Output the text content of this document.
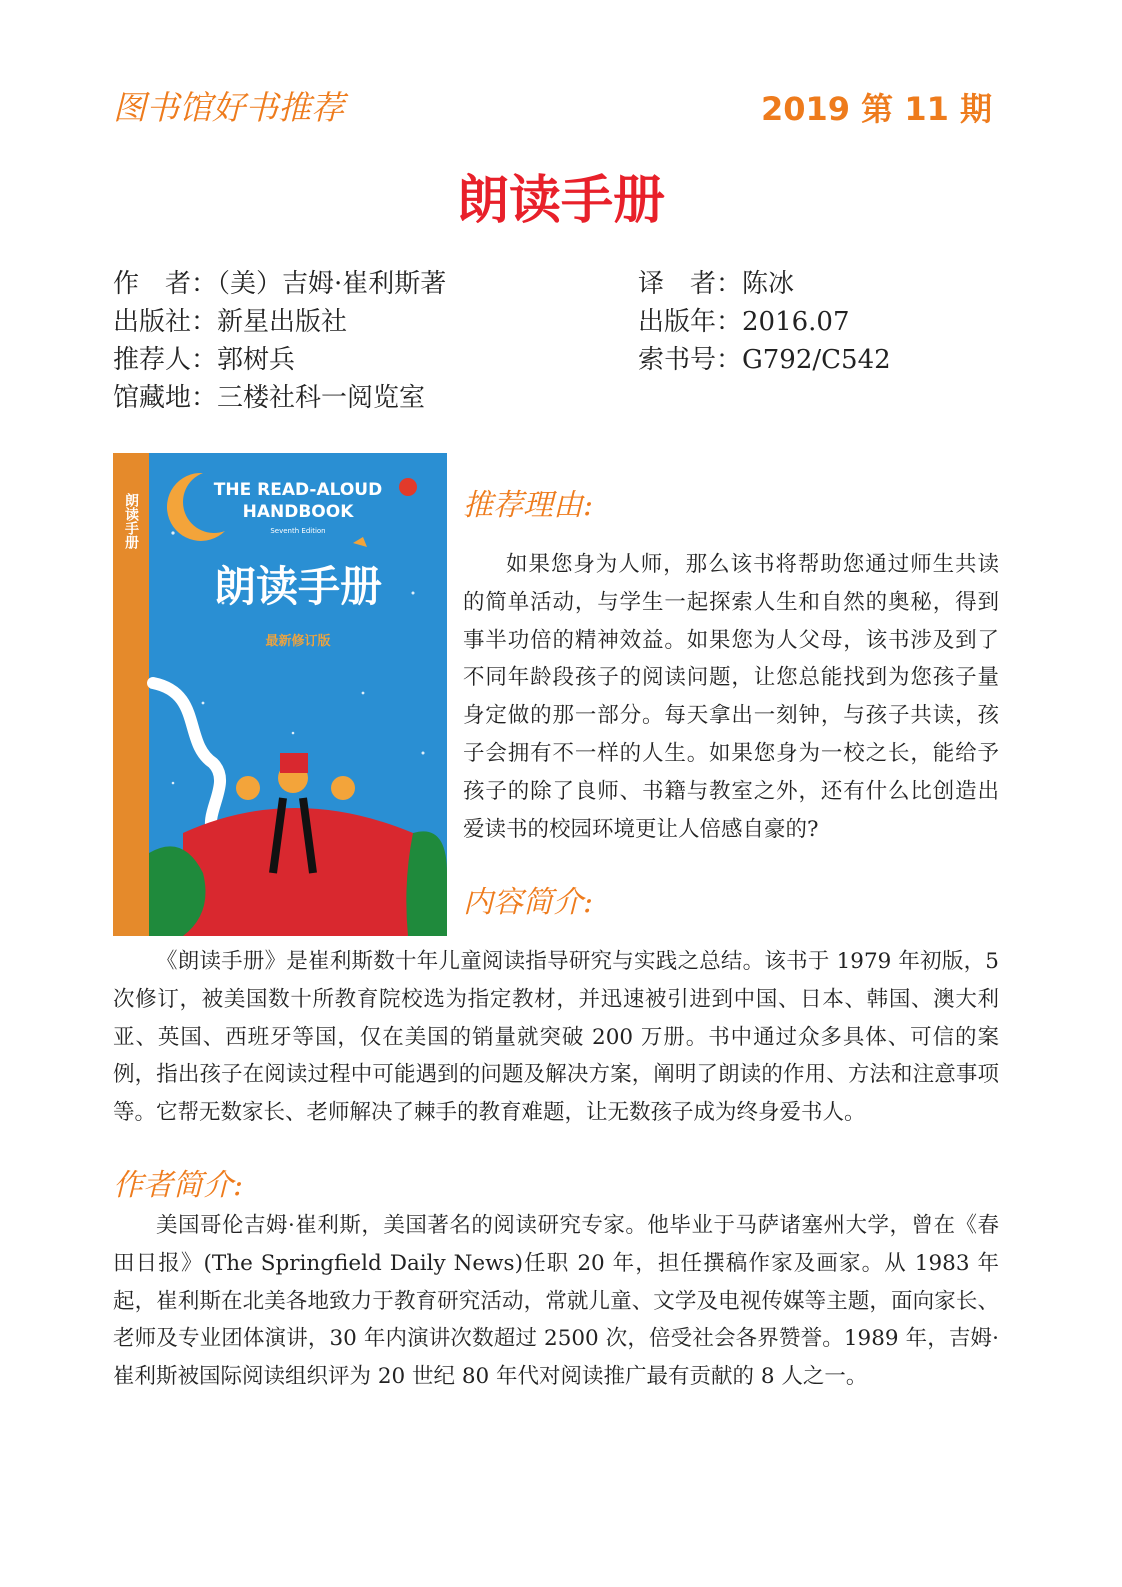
图书馆好书推荐	2019 第 11 期
朗读手册
作　者：（美）吉姆·崔利斯著
出版社：新星出版社
推荐人：郭树兵
馆藏地：三楼社科一阅览室
译　者：陈冰
出版年：2016.07
索书号：G792/C542
THE READ-ALOUD
HANDBOOK
Seventh Edition
朗读手册
最新修订版
朗读手册	推荐理由:

如果您身为人师，那么该书将帮助您通过师生共读的简单活动，与学生一起探索人生和自然的奥秘，得到事半功倍的精神效益。如果您为人父母，该书涉及到了不同年龄段孩子的阅读问题，让您总能找到为您孩子量身定做的那一部分。每天拿出一刻钟，与孩子共读，孩子会拥有不一样的人生。如果您身为一校之长，能给予孩子的除了良师、书籍与教室之外，还有什么比创造出爱读书的校园环境更让人倍感自豪的?

内容简介:

《朗读手册》是崔利斯数十年儿童阅读指导研究与实践之总结。该书于 1979 年初版，5 次修订，被美国数十所教育院校选为指定教材，并迅速被引进到中国、日本、韩国、澳大利亚、英国、西班牙等国，仅在美国的销量就突破 200 万册。书中通过众多具体、可信的案例，指出孩子在阅读过程中可能遇到的问题及解决方案，阐明了朗读的作用、方法和注意事项等。它帮无数家长、老师解决了棘手的教育难题，让无数孩子成为终身爱书人。

作者简介:

美国哥伦吉姆·崔利斯，美国著名的阅读研究专家。他毕业于马萨诸塞州大学，曾在《春田日报》(The Springfield Daily News)任职 20 年，担任撰稿作家及画家。从 1983 年起，崔利斯在北美各地致力于教育研究活动，常就儿童、文学及电视传媒等主题，面向家长、老师及专业团体演讲，30 年内演讲次数超过 2500 次，倍受社会各界赞誉。1989 年，吉姆·崔利斯被国际阅读组织评为 20 世纪 80 年代对阅读推广最有贡献的 8 人之一。
